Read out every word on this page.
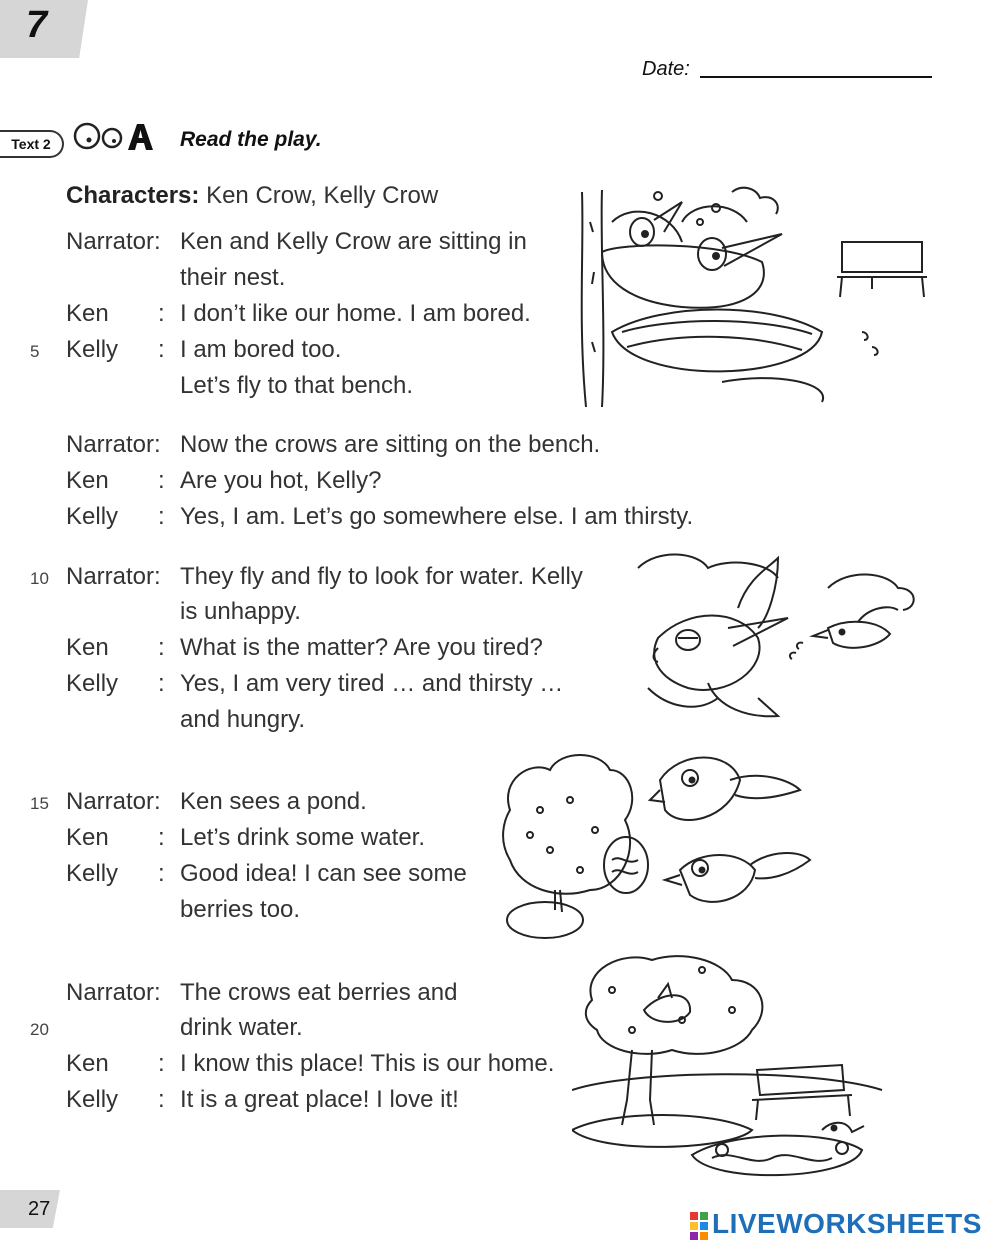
7
Date:
Text 2	Read the play.
Characters: Ken Crow, Kelly Crow
Narrator: Ken and Kelly Crow are sitting in
their nest.
Ken : I don’t like our home. I am bored.
5 Kelly : I am bored too.
Let’s fly to that bench.
Narrator: Now the crows are sitting on the bench.
Ken : Are you hot, Kelly?
Kelly : Yes, I am. Let’s go somewhere else. I am thirsty.
10 Narrator: They fly and fly to look for water. Kelly
is unhappy.
Ken : What is the matter? Are you tired?
Kelly : Yes, I am very tired … and thirsty …
and hungry.
15 Narrator: Ken sees a pond.
Ken : Let’s drink some water.
Kelly : Good idea! I can see some
berries too.
Narrator: The crows eat berries and
20	drink water.
Ken : I know this place! This is our home.
Kelly : It is a great place! I love it!
27	LIVEWORKSHEETS
